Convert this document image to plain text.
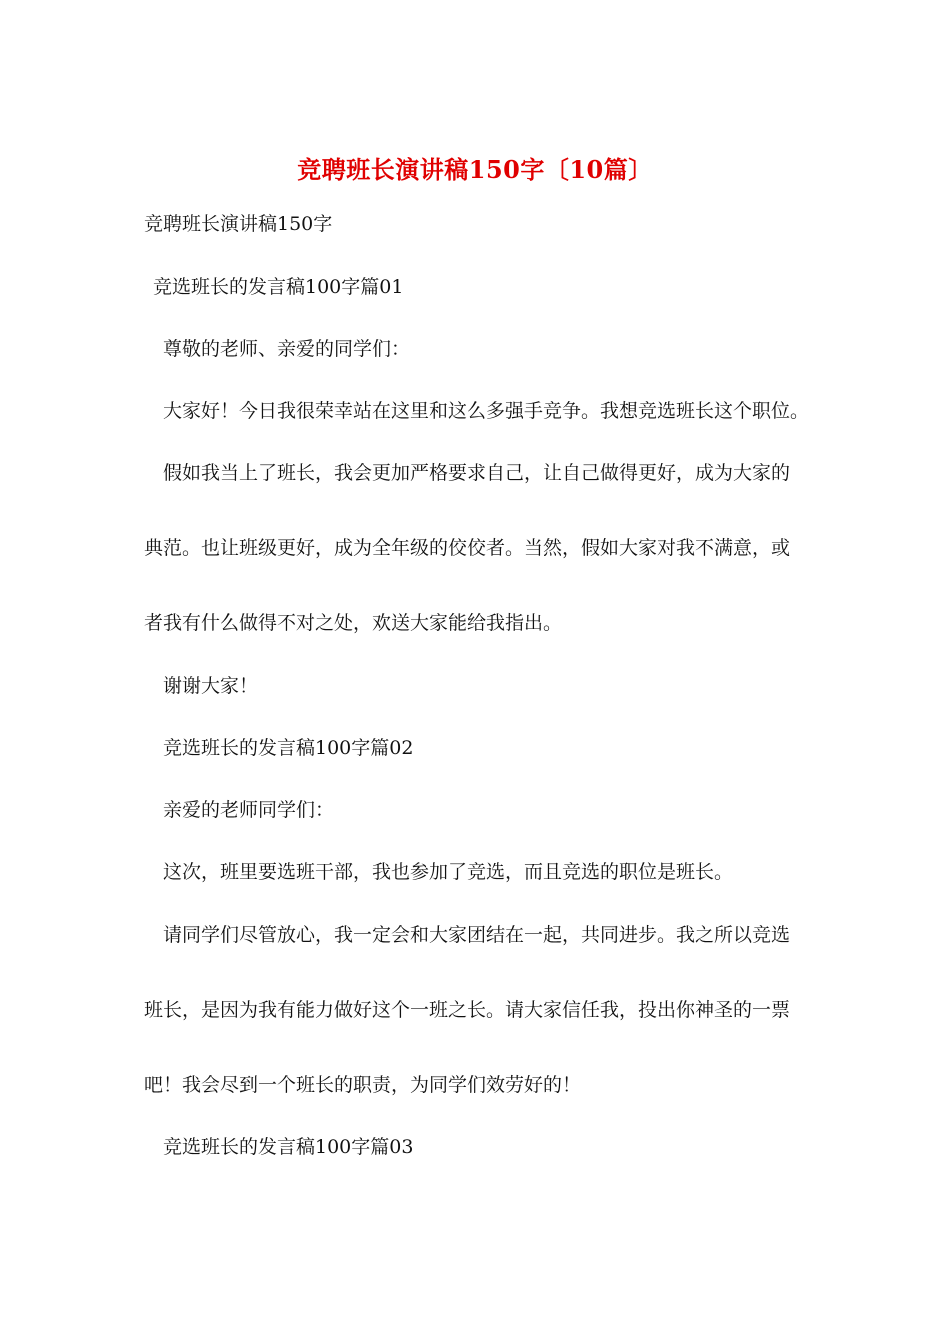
竞聘班长演讲稿150字〔10篇〕
竞聘班长演讲稿150字
竞选班长的发言稿100字篇01
尊敬的老师、亲爱的同学们：
大家好！今日我很荣幸站在这里和这么多强手竞争。我想竞选班长这个职位。
假如我当上了班长，我会更加严格要求自己，让自己做得更好，成为大家的
典范。也让班级更好，成为全年级的佼佼者。当然，假如大家对我不满意，或
者我有什么做得不对之处，欢送大家能给我指出。
谢谢大家！
竞选班长的发言稿100字篇02
亲爱的老师同学们：
这次，班里要选班干部，我也参加了竞选，而且竞选的职位是班长。
请同学们尽管放心，我一定会和大家团结在一起，共同进步。我之所以竞选
班长，是因为我有能力做好这个一班之长。请大家信任我，投出你神圣的一票
吧！我会尽到一个班长的职责，为同学们效劳好的！
竞选班长的发言稿100字篇03
